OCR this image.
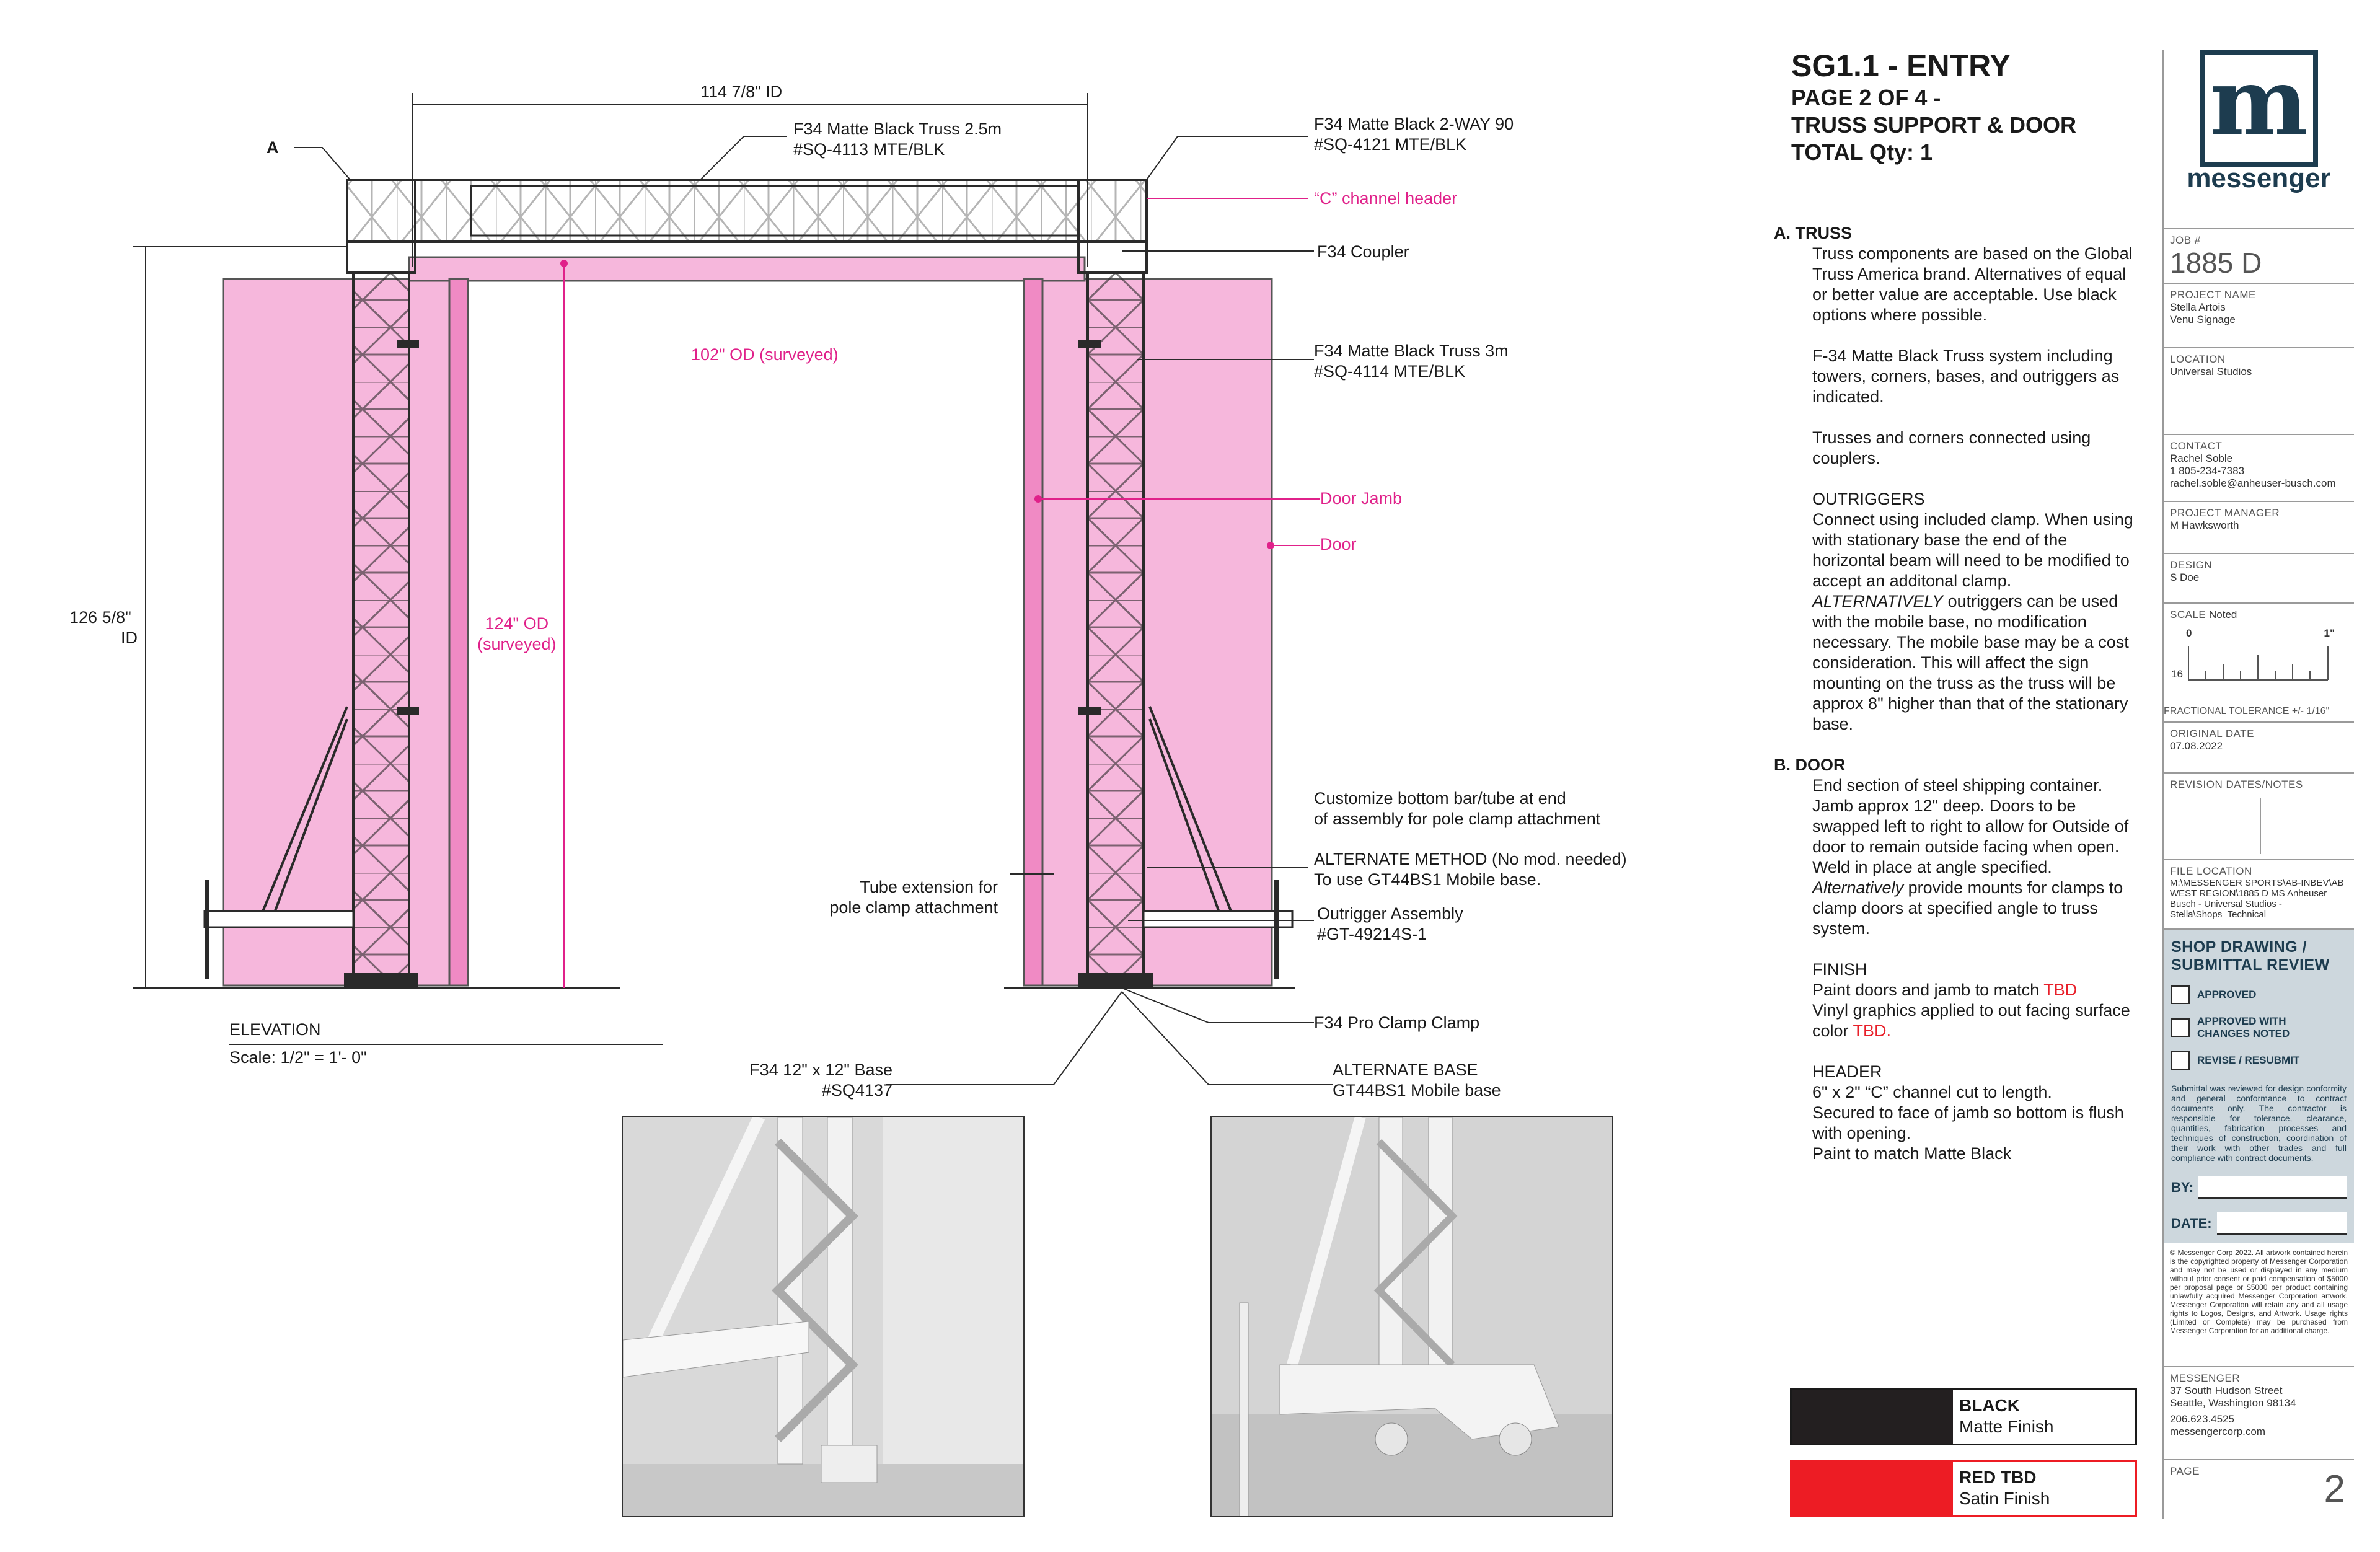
114 7/8" ID
A
126 5/8"
ID
F34 Matte Black Truss 2.5m
#SQ-4113 MTE/BLK
F34 Matte Black 2-WAY 90
#SQ-4121 MTE/BLK
“C” channel header
F34 Coupler
F34 Matte Black Truss 3m
#SQ-4114 MTE/BLK
102" OD (surveyed)
Door Jamb
Door
124" OD
(surveyed)
Customize bottom bar/tube at end
of assembly for pole clamp attachment
ALTERNATE METHOD (No mod. needed)
To use GT44BS1 Mobile base.
Tube extension for
pole clamp attachment	Outrigger Assembly
#GT-49214S-1
F34 Pro Clamp Clamp
F34 12" x 12" Base
#SQ4137
ALTERNATE BASE
GT44BS1 Mobile base
ELEVATION
Scale: 1/2" = 1'- 0"
SG1.1 - ENTRY
PAGE 2 OF 4 -
TRUSS SUPPORT & DOOR
TOTAL Qty: 1
A. TRUSS

Truss components are based on the Global Truss America brand. Alternatives of equal or better value are acceptable. Use black options where possible.

F-34 Matte Black Truss system including towers, corners, bases, and outriggers as indicated.

Trusses and corners connected using couplers.

OUTRIGGERS

Connect using included clamp. When using with stationary base the end of the horizontal beam will need to be modified to accept an additonal clamp.

ALTERNATIVELY outriggers can be used with the mobile base, no modification necessary. The mobile base may be a cost consideration. This will affect the sign mounting on the truss as the truss will be approx 8" higher than that of the stationary base.

B. DOOR

End section of steel shipping container. Jamb approx 12" deep. Doors to be swapped left to right to allow for Outside of door to remain outside facing when open. Weld in place at angle specified.

Alternatively provide mounts for clamps to clamp doors at specified angle to truss system.

FINISH

Paint doors and jamb to match TBD

Vinyl graphics applied to out facing surface color TBD.

HEADER

6" x 2" “C” channel cut to length.

Secured to face of jamb so bottom is flush with opening.

Paint to match Matte Black

BLACK
Matte Finish
RED TBD
Satin Finish
m
messenger
JOB #
1885 D
PROJECT NAME
Stella Artois
Venu Signage
LOCATION
Universal Studios
CONTACT
Rachel Soble
1 805-234-7383
rachel.soble@anheuser-busch.com
PROJECT MANAGER
M Hawksworth
DESIGN
S Doe
SCALE Noted
0	1"
16
FRACTIONAL TOLERANCE +/- 1/16"
ORIGINAL DATE
07.08.2022
REVISION DATES/NOTES
FILE LOCATION
M:\MESSENGER SPORTS\AB-INBEV\AB WEST REGION\1885 D MS Anheuser Busch - Universal Studios - Stella\Shops_Technical
SHOP DRAWING /
SUBMITTAL REVIEW
APPROVED
APPROVED WITH
CHANGES NOTED
REVISE / RESUBMIT
Submittal was reviewed for design conformity and general conformance to contract documents only. The contractor is responsible for tolerance, clearance, quantities, fabrication processes and techniques of construction, coordination of their work with other trades and full compliance with contract documents.
BY:
DATE:
© Messenger Corp 2022. All artwork contained herein is the copyrighted property of Messenger Corporation and may not be used or displayed in any medium without prior consent or paid compensation of $5000 per proposal page or $5000 per product containing unlawfully acquired Messenger Corporation artwork. Messenger Corporation will retain any and all usage rights to Logos, Designs, and Artwork. Usage rights (Limited or Complete) may be purchased from Messenger Corporation for an additional charge.
MESSENGER
37 South Hudson Street
Seattle, Washington 98134
206.623.4525
messengercorp.com
PAGE	2
